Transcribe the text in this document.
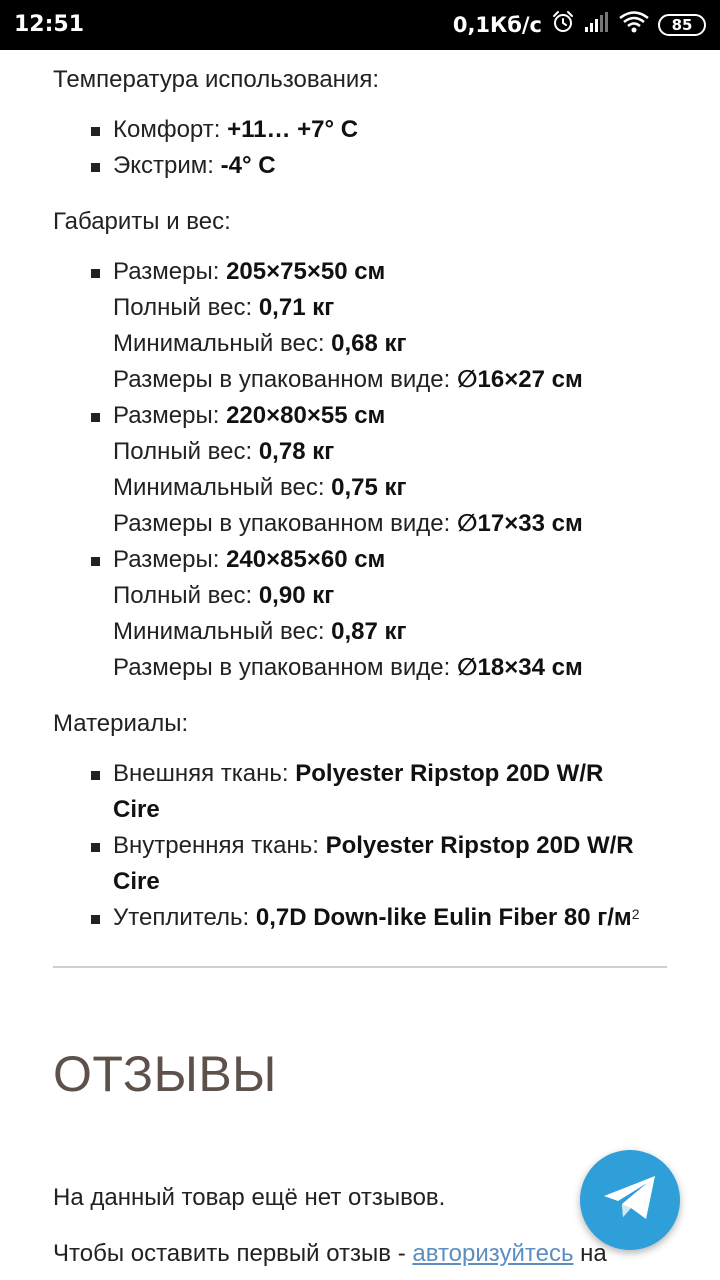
12:51	0,1Кб/с	85
Температура использования:
Комфорт: +11… +7° С
Экстрим: -4° С
Габариты и вес:
Размеры: 205×75×50 см
Полный вес: 0,71 кг
Минимальный вес: 0,68 кг
Размеры в упакованном виде: ∅16×27 см
Размеры: 220×80×55 см
Полный вес: 0,78 кг
Минимальный вес: 0,75 кг
Размеры в упакованном виде: ∅17×33 см
Размеры: 240×85×60 см
Полный вес: 0,90 кг
Минимальный вес: 0,87 кг
Размеры в упакованном виде: ∅18×34 см
Материалы:
Внешняя ткань: Polyester Ripstop 20D W/R
Cire
Внутренняя ткань: Polyester Ripstop 20D W/R
Cire
Утеплитель: 0,7D Down-like Eulin Fiber 80 $г/м^2$
ОТЗЫВЫ
На данный товар ещё нет отзывов.
Чтобы оставить первый отзыв - авторизуйтесь на
